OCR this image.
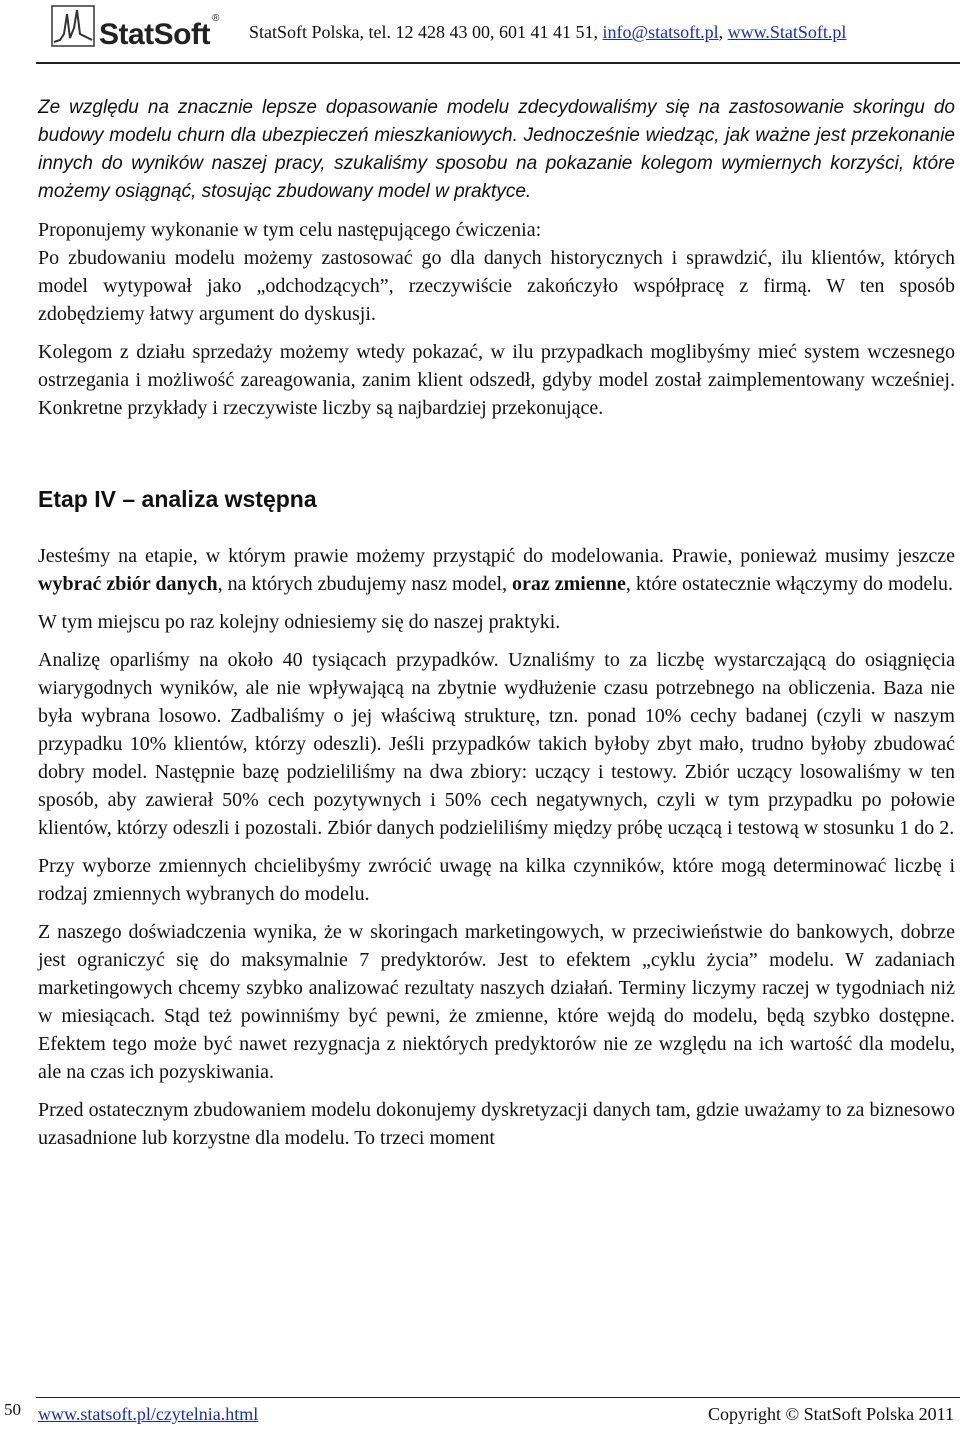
StatSoft ®
StatSoft Polska, tel. 12 428 43 00, 601 41 41 51, info@statsoft.pl, www.StatSoft.pl

Ze względu na znacznie lepsze dopasowanie modelu zdecydowaliśmy się na zastosowanie skoringu do budowy modelu churn dla ubezpieczeń mieszkaniowych. Jednocześnie wiedząc, jak ważne jest przekonanie innych do wyników naszej pracy, szukaliśmy sposobu na pokazanie kolegom wymiernych korzyści, które możemy osiągnąć, stosując zbudowany model w praktyce.

Proponujemy wykonanie w tym celu następującego ćwiczenia:

Po zbudowaniu modelu możemy zastosować go dla danych historycznych i sprawdzić, ilu klientów, których model wytypował jako „odchodzących”, rzeczywiście zakończyło współpracę z firmą. W ten sposób zdobędziemy łatwy argument do dyskusji.

Kolegom z działu sprzedaży możemy wtedy pokazać, w ilu przypadkach moglibyśmy mieć system wczesnego ostrzegania i możliwość zareagowania, zanim klient odszedł, gdyby model został zaimplementowany wcześniej. Konkretne przykłady i rzeczywiste liczby są najbardziej przekonujące.

Etap IV – analiza wstępna

Jesteśmy na etapie, w którym prawie możemy przystąpić do modelowania. Prawie, ponieważ musimy jeszcze wybrać zbiór danych, na których zbudujemy nasz model, oraz zmienne, które ostatecznie włączymy do modelu.

W tym miejscu po raz kolejny odniesiemy się do naszej praktyki.

Analizę oparliśmy na około 40 tysiącach przypadków. Uznaliśmy to za liczbę wystarczającą do osiągnięcia wiarygodnych wyników, ale nie wpływającą na zbytnie wydłużenie czasu potrzebnego na obliczenia. Baza nie była wybrana losowo. Zadbaliśmy o jej właściwą strukturę, tzn. ponad 10% cechy badanej (czyli w naszym przypadku 10% klientów, którzy odeszli). Jeśli przypadków takich byłoby zbyt mało, trudno byłoby zbudować dobry model. Następnie bazę podzieliliśmy na dwa zbiory: uczący i testowy. Zbiór uczący losowaliśmy w ten sposób, aby zawierał 50% cech pozytywnych i 50% cech negatywnych, czyli w tym przypadku po połowie klientów, którzy odeszli i pozostali. Zbiór danych podzieliliśmy między próbę uczącą i testową w stosunku 1 do 2.

Przy wyborze zmiennych chcielibyśmy zwrócić uwagę na kilka czynników, które mogą determinować liczbę i rodzaj zmiennych wybranych do modelu.

Z naszego doświadczenia wynika, że w skoringach marketingowych, w przeciwieństwie do bankowych, dobrze jest ograniczyć się do maksymalnie 7 predyktorów. Jest to efektem „cyklu życia” modelu. W zadaniach marketingowych chcemy szybko analizować rezultaty naszych działań. Terminy liczymy raczej w tygodniach niż w miesiącach. Stąd też powinniśmy być pewni, że zmienne, które wejdą do modelu, będą szybko dostępne. Efektem tego może być nawet rezygnacja z niektórych predyktorów nie ze względu na ich wartość dla modelu, ale na czas ich pozyskiwania.

Przed ostatecznym zbudowaniem modelu dokonujemy dyskretyzacji danych tam, gdzie uważamy to za biznesowo uzasadnione lub korzystne dla modelu. To trzeci moment

50 www.statsoft.pl/czytelnia.html	Copyright © StatSoft Polska 2011
